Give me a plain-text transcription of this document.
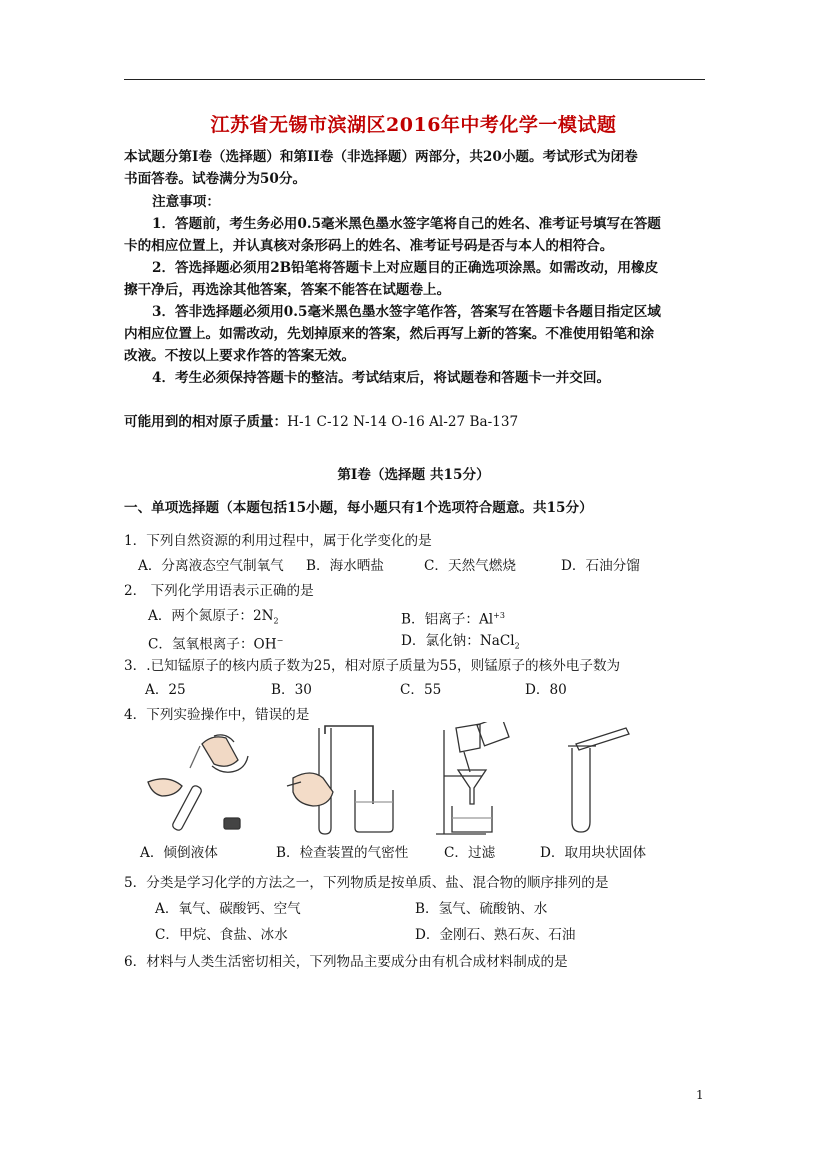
江苏省无锡市滨湖区2016年中考化学一模试题
本试题分第Ⅰ卷（选择题）和第II卷（非选择题）两部分，共20小题。考试形式为闭卷
书面答卷。试卷满分为50分。
注意事项：
1．答题前，考生务必用0.5毫米黑色墨水签字笔将自己的姓名、准考证号填写在答题
卡的相应位置上，并认真核对条形码上的姓名、准考证号码是否与本人的相符合。
2．答选择题必须用2B铅笔将答题卡上对应题目的正确选项涂黑。如需改动，用橡皮
擦干净后，再选涂其他答案，答案不能答在试题卷上。
3．答非选择题必须用0.5毫米黑色墨水签字笔作答，答案写在答题卡各题目指定区域
内相应位置上。如需改动，先划掉原来的答案，然后再写上新的答案。不准使用铅笔和涂
改液。不按以上要求作答的答案无效。
4．考生必须保持答题卡的整洁。考试结束后，将试题卷和答题卡一并交回。
可能用到的相对原子质量：H-1 C-12 N-14 O-16 Al-27 Ba-137
第Ⅰ卷（选择题 共15分）
一、单项选择题（本题包括15小题，每小题只有1个选项符合题意。共15分）
1．下列自然资源的利用过程中，属于化学变化的是
A．分离液态空气制氧气 B．海水晒盐	C．天然气燃烧	D．石油分馏
2． 下列化学用语表示正确的是
A．两个氮原子：$2N_2$	B．铝离子：$Al^{+3}$
C．氢氧根离子：OH−	D．氯化钠：NaCl$_2$
3．.已知锰原子的核内质子数为25，相对原子质量为55，则锰原子的核外电子数为
A．25	B．30	C．55	D．80
4．下列实验操作中，错误的是
A．倾倒液体	B．检查装置的气密性	C．过滤	D．取用块状固体
5．分类是学习化学的方法之一，下列物质是按单质、盐、混合物的顺序排列的是
A．氧气、碳酸钙、空气	B．氢气、硫酸钠、水
C．甲烷、食盐、冰水	D．金刚石、熟石灰、石油
6．材料与人类生活密切相关，下列物品主要成分由有机合成材料制成的是
1
